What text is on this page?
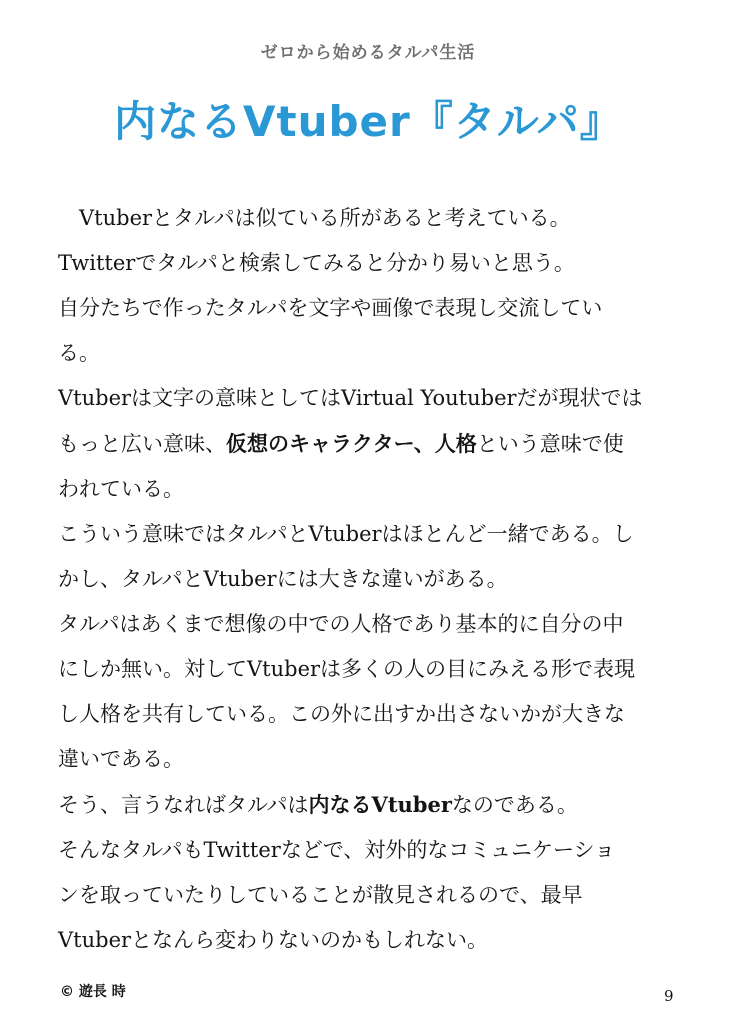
ゼロから始めるタルパ生活
内なるVtuber『タルパ』

Vtuberとタルパは似ている所があると考えている。

Twitterでタルパと検索してみると分かり易いと思う。

自分たちで作ったタルパを文字や画像で表現し交流してい

る。

Vtuberは文字の意味としてはVirtual Youtuberだが現状では

もっと広い意味、仮想のキャラクター、人格という意味で使

われている。

こういう意味ではタルパとVtuberはほとんど一緒である。し

かし、タルパとVtuberには大きな違いがある。

タルパはあくまで想像の中での人格であり基本的に自分の中

にしか無い。対してVtuberは多くの人の目にみえる形で表現

し人格を共有している。この外に出すか出さないかが大きな

違いである。

そう、言うなればタルパは内なるVtuberなのである。

そんなタルパもTwitterなどで、対外的なコミュニケーショ

ンを取っていたりしていることが散見されるので、最早

Vtuberとなんら変わりないのかもしれない。

© 遊長 時	9
